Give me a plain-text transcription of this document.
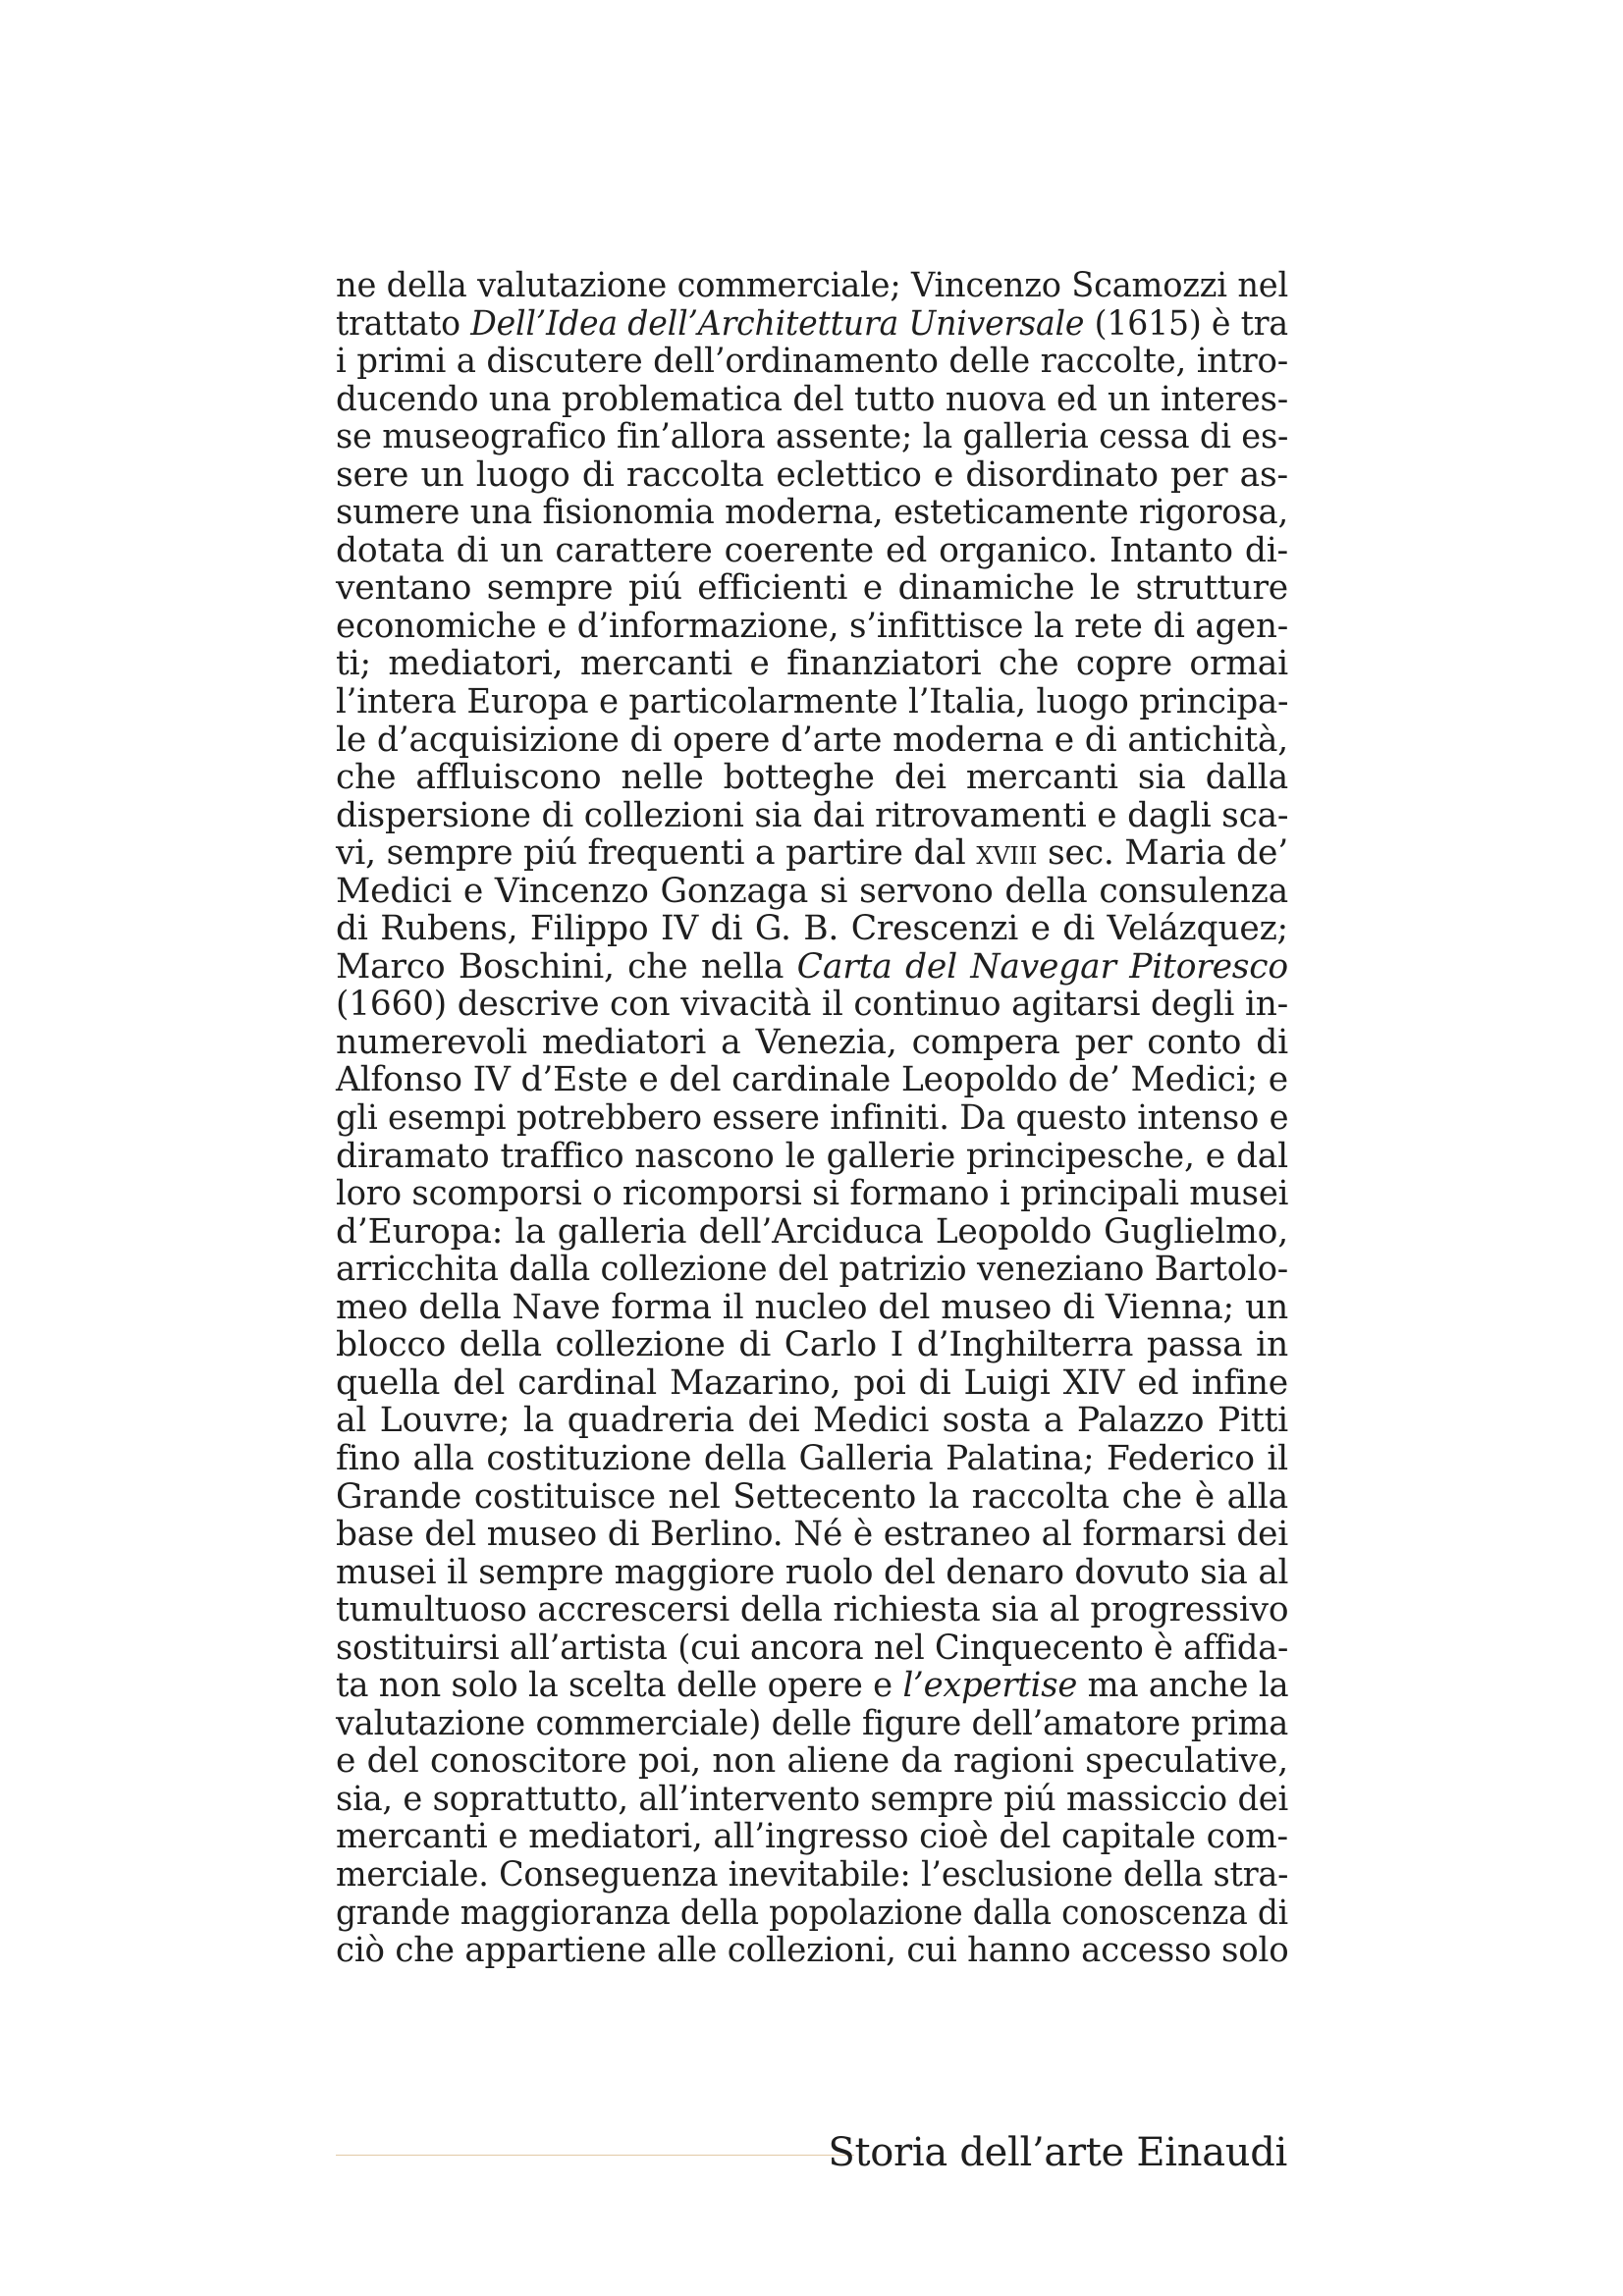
ne della valutazione commerciale; Vincenzo Scamozzi nel
trattato Dell’Idea dell’Architettura Universale (1615) è tra
i primi a discutere dell’ordinamento delle raccolte, intro-
ducendo una problematica del tutto nuova ed un interes-
se museografico fin’allora assente; la galleria cessa di es-
sere un luogo di raccolta eclettico e disordinato per as-
sumere una fisionomia moderna, esteticamente rigorosa,
dotata di un carattere coerente ed organico. Intanto di-
ventano sempre piú efficienti e dinamiche le strutture
economiche e d’informazione, s’infittisce la rete di agen-
ti; mediatori, mercanti e finanziatori che copre ormai
l’intera Europa e particolarmente l’Italia, luogo principa-
le d’acquisizione di opere d’arte moderna e di antichità,
che affluiscono nelle botteghe dei mercanti sia dalla
dispersione di collezioni sia dai ritrovamenti e dagli sca-
vi, sempre piú frequenti a partire dal xviii sec. Maria de’
Medici e Vincenzo Gonzaga si servono della consulenza
di Rubens, Filippo IV di G. B. Crescenzi e di Velázquez;
Marco Boschini, che nella Carta del Navegar Pitoresco
(1660) descrive con vivacità il continuo agitarsi degli in-
numerevoli mediatori a Venezia, compera per conto di
Alfonso IV d’Este e del cardinale Leopoldo de’ Medici; e
gli esempi potrebbero essere infiniti. Da questo intenso e
diramato traffico nascono le gallerie principesche, e dal
loro scomporsi o ricomporsi si formano i principali musei
d’Europa: la galleria dell’Arciduca Leopoldo Guglielmo,
arricchita dalla collezione del patrizio veneziano Bartolo-
meo della Nave forma il nucleo del museo di Vienna; un
blocco della collezione di Carlo I d’Inghilterra passa in
quella del cardinal Mazarino, poi di Luigi XIV ed infine
al Louvre; la quadreria dei Medici sosta a Palazzo Pitti
fino alla costituzione della Galleria Palatina; Federico il
Grande costituisce nel Settecento la raccolta che è alla
base del museo di Berlino. Né è estraneo al formarsi dei
musei il sempre maggiore ruolo del denaro dovuto sia al
tumultuoso accrescersi della richiesta sia al progressivo
sostituirsi all’artista (cui ancora nel Cinquecento è affida-
ta non solo la scelta delle opere e l’expertise ma anche la
valutazione commerciale) delle figure dell’amatore prima
e del conoscitore poi, non aliene da ragioni speculative,
sia, e soprattutto, all’intervento sempre piú massiccio dei
mercanti e mediatori, all’ingresso cioè del capitale com-
merciale. Conseguenza inevitabile: l’esclusione della stra-
grande maggioranza della popolazione dalla conoscenza di
ciò che appartiene alle collezioni, cui hanno accesso solo
Storia dell’arte Einaudi
